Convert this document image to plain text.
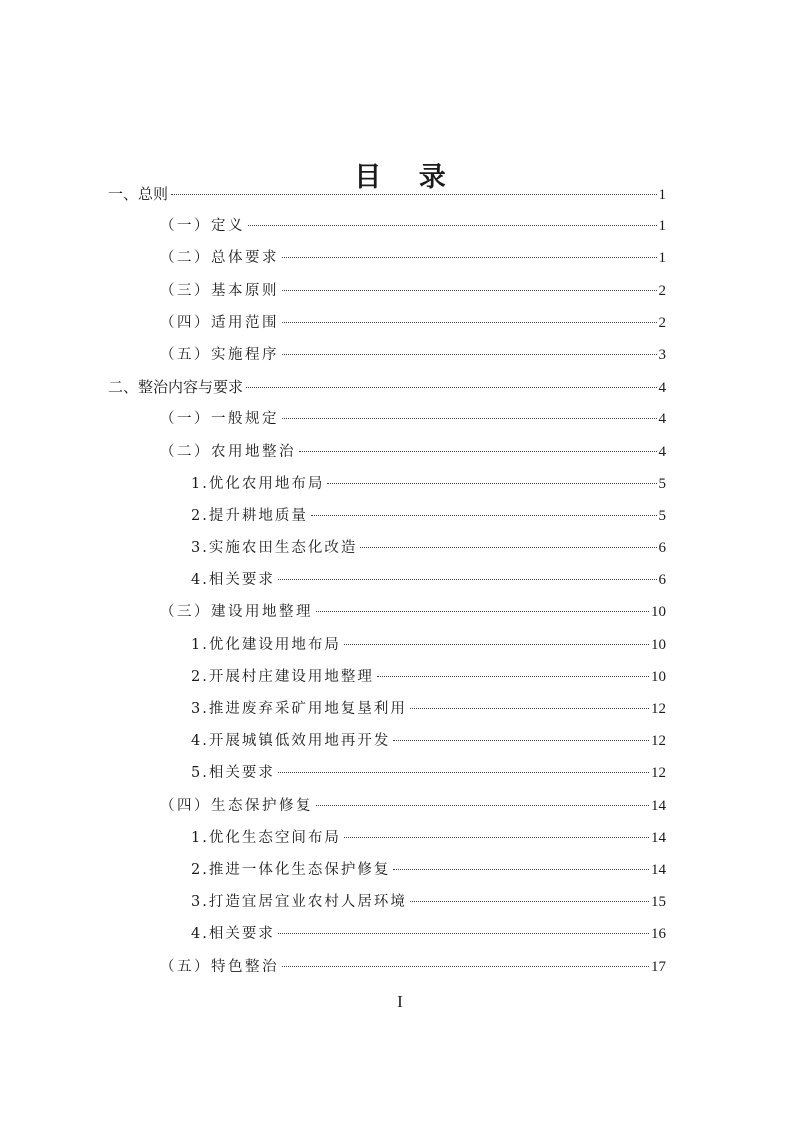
目 录
一、总则	1
（一）定义	1
（二）总体要求	1
（三）基本原则	2
（四）适用范围	2
（五）实施程序	3
二、整治内容与要求	4
（一）一般规定	4
（二）农用地整治	4
1.优化农用地布局	5
2.提升耕地质量	5
3.实施农田生态化改造	6
4.相关要求	6
（三）建设用地整理	10
1.优化建设用地布局	10
2.开展村庄建设用地整理	10
3.推进废弃采矿用地复垦利用	12
4.开展城镇低效用地再开发	12
5.相关要求	12
（四）生态保护修复	14
1.优化生态空间布局	14
2.推进一体化生态保护修复	14
3.打造宜居宜业农村人居环境	15
4.相关要求	16
（五）特色整治	17
I
